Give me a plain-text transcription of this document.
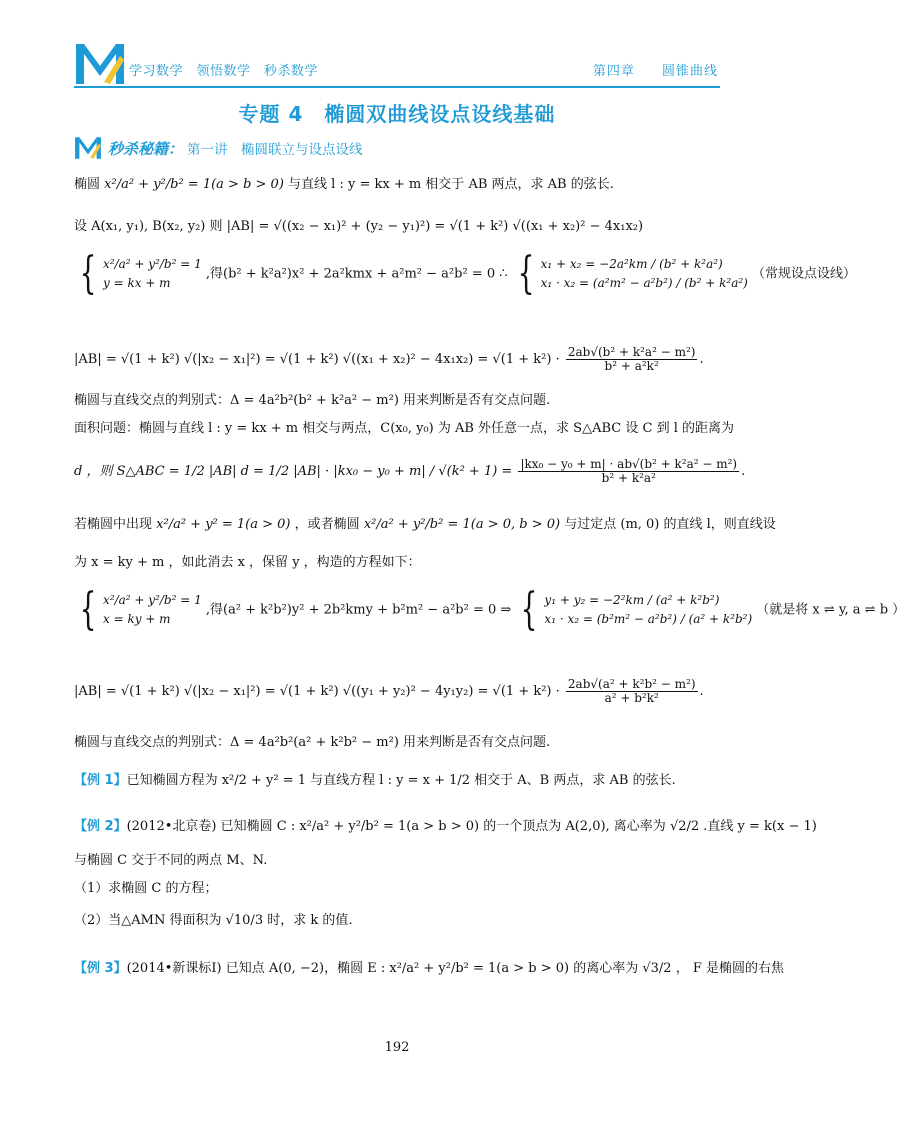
学习数学　领悟数学　秒杀数学	第四章 圆锥曲线
专题 4　椭圆双曲线设点设线基础
秒杀秘籍： 第一讲　椭圆联立与设点设线
椭圆 x²/a² + y²/b² = 1(a > b > 0) 与直线 l : y = kx + m 相交于 AB 两点，求 AB 的弦长.
设 A(x₁, y₁), B(x₂, y₂) 则 |AB| = √((x₂ − x₁)² + (y₂ − y₁)²) = √(1 + k²) √((x₁ + x₂)² − 4x₁x₂)
{ x²/a² + y²/b² = 1
y = kx + m
,得(b² + k²a²)x² + 2a²kmx + a²m² − a²b² = 0 ∴ { x₁ + x₂ = −2a²km / (b² + k²a²)
x₁ · x₂ = (a²m² − a²b²) / (b² + k²a²)
（常规设点设线）
|AB| = √(1 + k²) √(|x₂ − x₁|²) = √(1 + k²) $√((x_1 + x_2)^2 - 4x_1x_2) = √(1 + k^2) \cdot \frac{\text{2ab√(b² + k²a² − m²)}}{\text{b² + a²k²}}$ .
椭圆与直线交点的判别式：Δ = 4a²b²(b² + k²a² − m²) 用来判断是否有交点问题.
面积问题：椭圆与直线 l : y = kx + m 相交与两点，C(x₀, y₀) 为 AB 外任意一点，求 S△ABC 设 C 到 l 的距离为
d ，则 S△ABC = 1/2 |AB| d = 1/2 $|AB| \cdot |kx_0 - y_0 + m| / √(k^2 + 1) = \frac{\text{|kx₀ − y₀ + m| · ab√(b² + k²a² − m²)}}{\text{b² + k²a²}}$ .
若椭圆中出现 x²/a² + y² = 1(a > 0) ，或者椭圆 x²/a² + y²/b² = 1(a > 0, b > 0) 与过定点 (m, 0) 的直线 l，则直线设
为 x = ky + m ，如此消去 x ，保留 y ，构造的方程如下：
{ x²/a² + y²/b² = 1
x = ky + m
,得(a² + k²b²)y² + 2b²kmy + b²m² − a²b² = 0 ⇒ { y₁ + y₂ = −2²km / (a² + k²b²)
x₁ · x₂ = (b²m² − a²b²) / (a² + k²b²)
（就是将 x ⇌ y, a ⇌ b ）
|AB| = √(1 + k²) √(|x₂ − x₁|²) = √(1 + k²) $√((y_1 + y_2)^2 - 4y_1y_2) = √(1 + k^2) \cdot \frac{\text{2ab√(a² + k²b² − m²)}}{\text{a² + b²k²}}$ .
椭圆与直线交点的判别式：Δ = 4a²b²(a² + k²b² − m²) 用来判断是否有交点问题.
【例 1】已知椭圆方程为 x²/2 + y² = 1 与直线方程 l : y = x + 1/2 相交于 A、B 两点，求 AB 的弦长.
【例 2】(2012•北京卷) 已知椭圆 C : x²/a² + y²/b² = 1(a > b > 0) 的一个顶点为 A(2,0), 离心率为 √2/2 .直线 y = k(x − 1)
与椭圆 C 交于不同的两点 M、N.
（1）求椭圆 C 的方程；
（2）当△AMN 得面积为 √10/3 时，求 k 的值.
【例 3】(2014•新课标Ⅰ) 已知点 A(0, −2)，椭圆 E : x²/a² + y²/b² = 1(a > b > 0) 的离心率为 √3/2 ， F 是椭圆的右焦
192
